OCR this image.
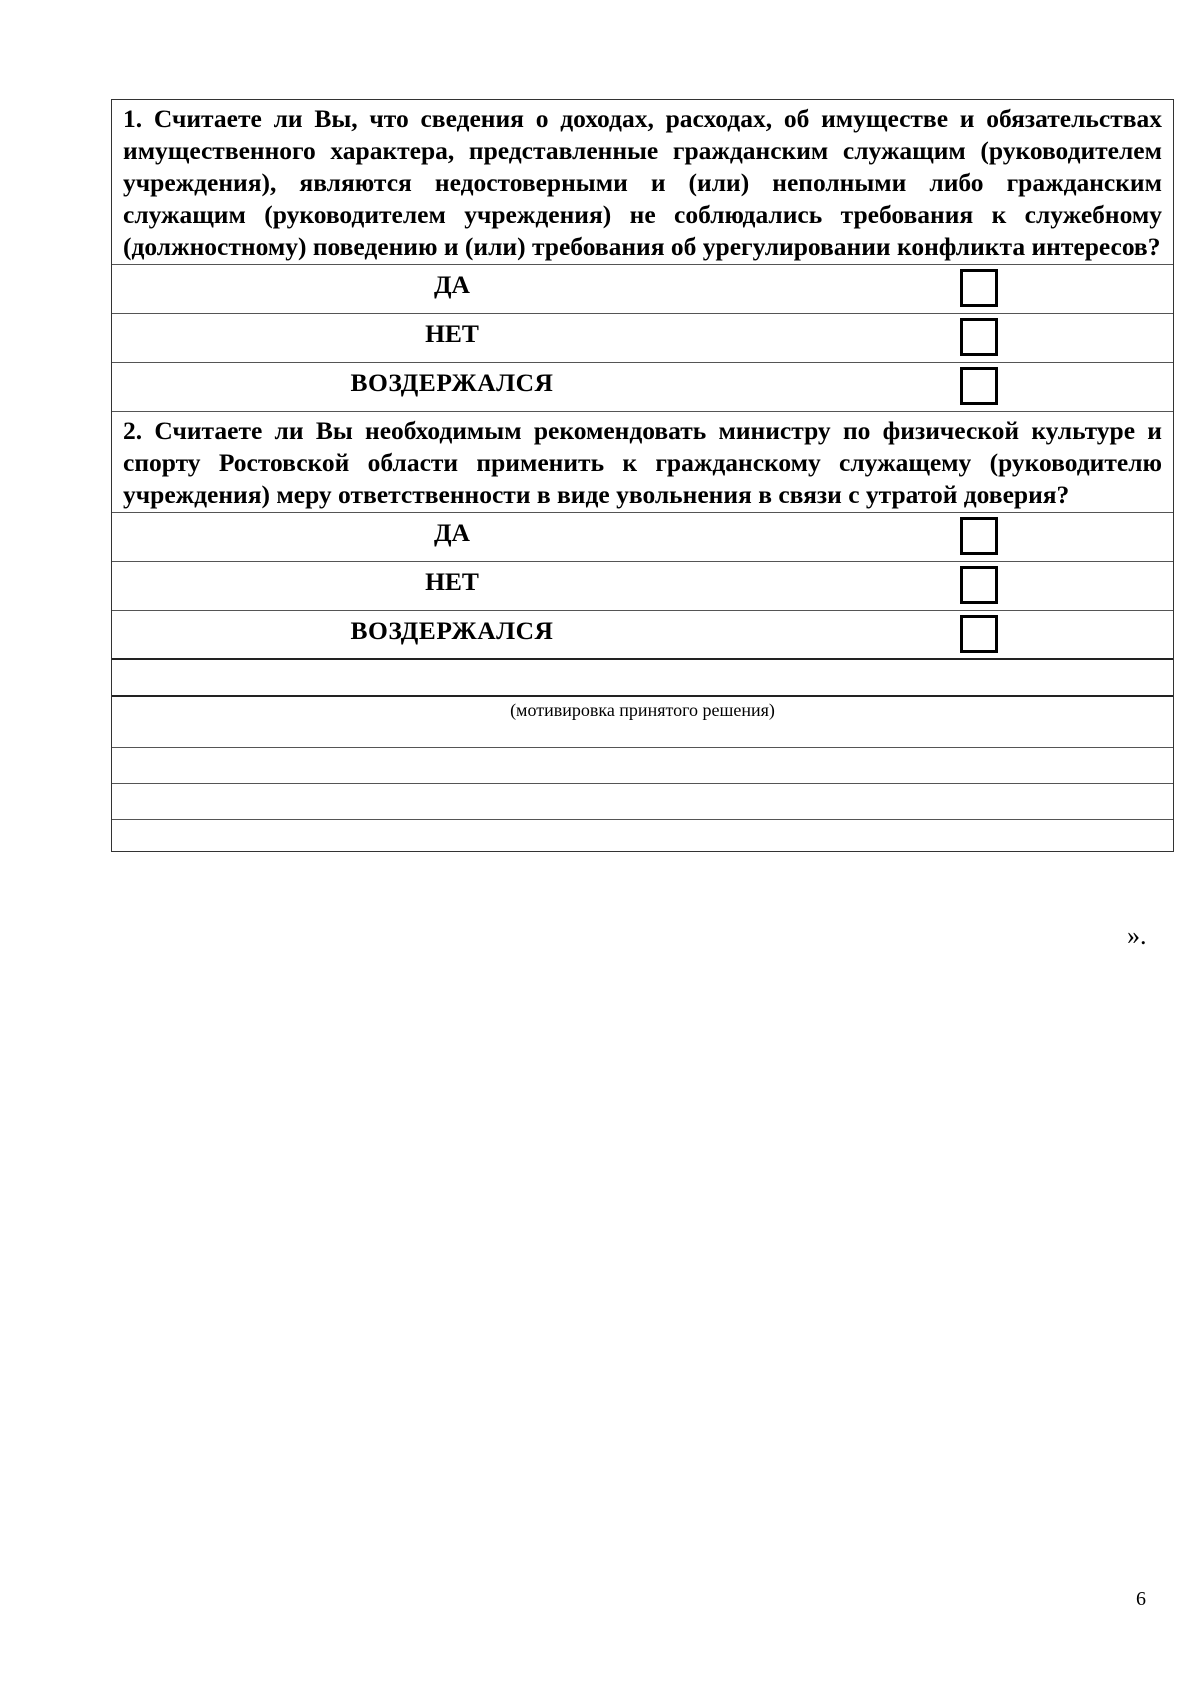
1. Считаете ли Вы, что сведения о доходах, расходах, об имуществе и обязательствах имущественного характера, представленные гражданским служащим (руководителем учреждения), являются недостоверными и (или) неполными либо гражданским служащим (руководителем учреждения) не соблюдались требования к служебному (должностному) поведению и (или) требования об урегулировании конфликта интересов?
ДА
НЕТ
ВОЗДЕРЖАЛСЯ
2. Считаете ли Вы необходимым рекомендовать министру по физической культуре и спорту Ростовской области применить к гражданскому служащему (руководителю учреждения) меру ответственности в виде увольнения в связи с утратой доверия?
ДА
НЕТ
ВОЗДЕРЖАЛСЯ
(мотивировка принятого решения)
».
6
